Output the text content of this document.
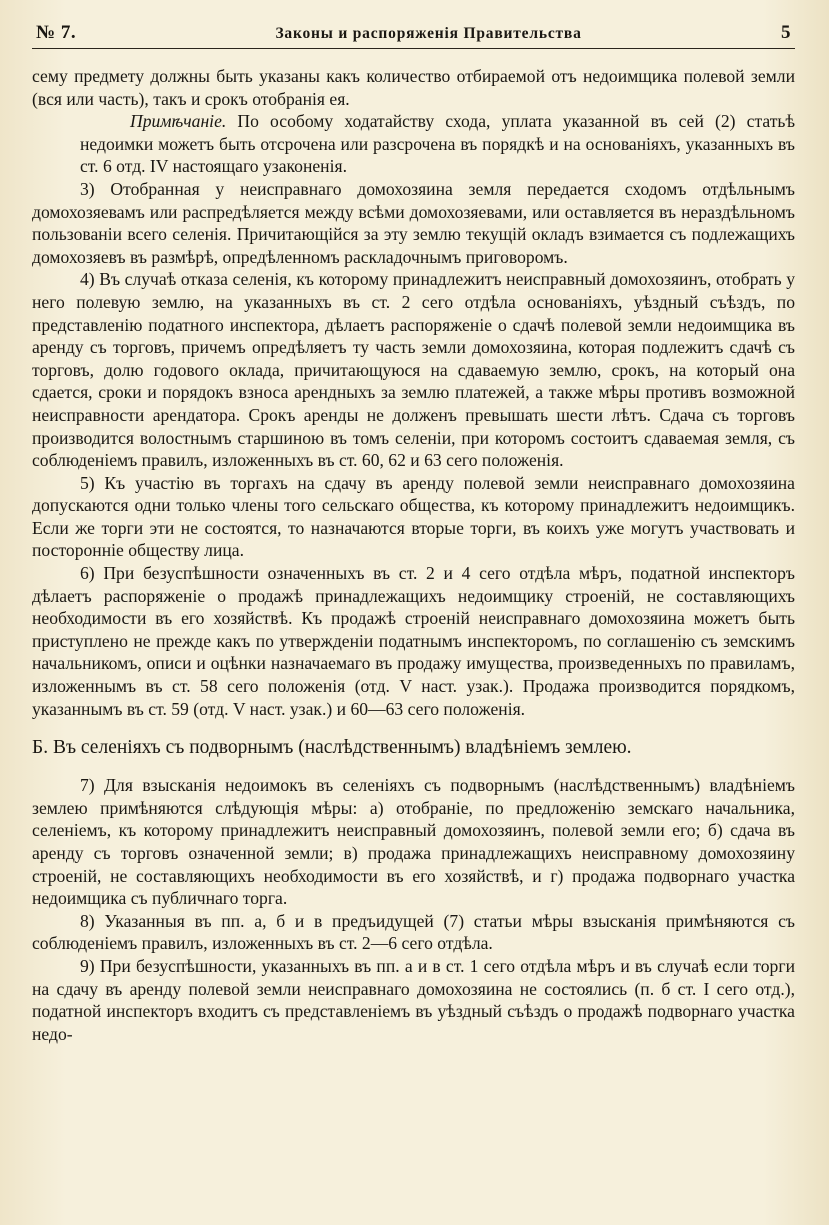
№ 7.	Законы и распоряженія Правительства	5

сему предмету должны быть указаны какъ количество отбираемой отъ недоимщика полевой земли (вся или часть), такъ и срокъ отобранія ея.

Примѣчаніе. По особому ходатайству схода, уплата указанной въ сей (2) статьѣ недоимки можетъ быть отсрочена или разсрочена въ порядкѣ и на основаніяхъ, указанныхъ въ ст. 6 отд. IV настоящаго узаконенія.

3) Отобранная у неисправнаго домохозяина земля передается сходомъ отдѣльнымъ домохозяевамъ или распредѣляется между всѣми домохозяевами, или оставляется въ нераздѣльномъ пользованіи всего селенія. Причитающійся за эту землю текущій окладъ взимается съ подлежащихъ домохозяевъ въ размѣрѣ, опредѣленномъ раскладочнымъ приговоромъ.

4) Въ случаѣ отказа селенія, къ которому принадлежитъ неисправный домохозяинъ, отобрать у него полевую землю, на указанныхъ въ ст. 2 сего отдѣла основаніяхъ, уѣздный съѣздъ, по представленію податного инспектора, дѣлаетъ распоряженіе о сдачѣ полевой земли недоимщика въ аренду съ торговъ, причемъ опредѣляетъ ту часть земли домохозяина, которая подлежитъ сдачѣ съ торговъ, долю годового оклада, причитающуюся на сдаваемую землю, срокъ, на который она сдается, сроки и порядокъ взноса арендныхъ за землю платежей, а также мѣры противъ возможной неисправности арендатора. Срокъ аренды не долженъ превышать шести лѣтъ. Сдача съ торговъ производится волостнымъ старшиною въ томъ селеніи, при которомъ состоитъ сдаваемая земля, съ соблюденіемъ правилъ, изложенныхъ въ ст. 60, 62 и 63 сего положенія.

5) Къ участію въ торгахъ на сдачу въ аренду полевой земли неисправнаго домохозяина допускаются одни только члены того сельскаго общества, къ которому принадлежитъ недоимщикъ. Если же торги эти не состоятся, то назначаются вторые торги, въ коихъ уже могутъ участвовать и посторонніе обществу лица.

6) При безуспѣшности означенныхъ въ ст. 2 и 4 сего отдѣла мѣръ, податной инспекторъ дѣлаетъ распоряженіе о продажѣ принадлежащихъ недоимщику строеній, не составляющихъ необходимости въ его хозяйствѣ. Къ продажѣ строеній неисправнаго домохозяина можетъ быть приступлено не прежде какъ по утвержденіи податнымъ инспекторомъ, по соглашенію съ земскимъ начальникомъ, описи и оцѣнки назначаемаго въ продажу имущества, произведенныхъ по правиламъ, изложеннымъ въ ст. 58 сего положенія (отд. V наст. узак.). Продажа производится порядкомъ, указаннымъ въ ст. 59 (отд. V наст. узак.) и 60—63 сего положенія.

Б. Въ селеніяхъ съ подворнымъ (наслѣдственнымъ) владѣніемъ землею.

7) Для взысканія недоимокъ въ селеніяхъ съ подворнымъ (наслѣдственнымъ) владѣніемъ землею примѣняются слѣдующія мѣры: а) отобраніе, по предложенію земскаго начальника, селеніемъ, къ которому принадлежитъ неисправный домохозяинъ, полевой земли его; б) сдача въ аренду съ торговъ означенной земли; в) продажа принадлежащихъ неисправному домохозяину строеній, не составляющихъ необходимости въ его хозяйствѣ, и г) продажа подворнаго участка недоимщика съ публичнаго торга.

8) Указанныя въ пп. а, б и в предъидущей (7) статьи мѣры взысканія примѣняются съ соблюденіемъ правилъ, изложенныхъ въ ст. 2—6 сего отдѣла.

9) При безуспѣшности, указанныхъ въ пп. а и в ст. 1 сего отдѣла мѣръ и въ случаѣ если торги на сдачу въ аренду полевой земли неисправнаго домохозяина не состоялись (п. б ст. I сего отд.), податной инспекторъ входитъ съ представленіемъ въ уѣздный съѣздъ о продажѣ подворнаго участка недо-
